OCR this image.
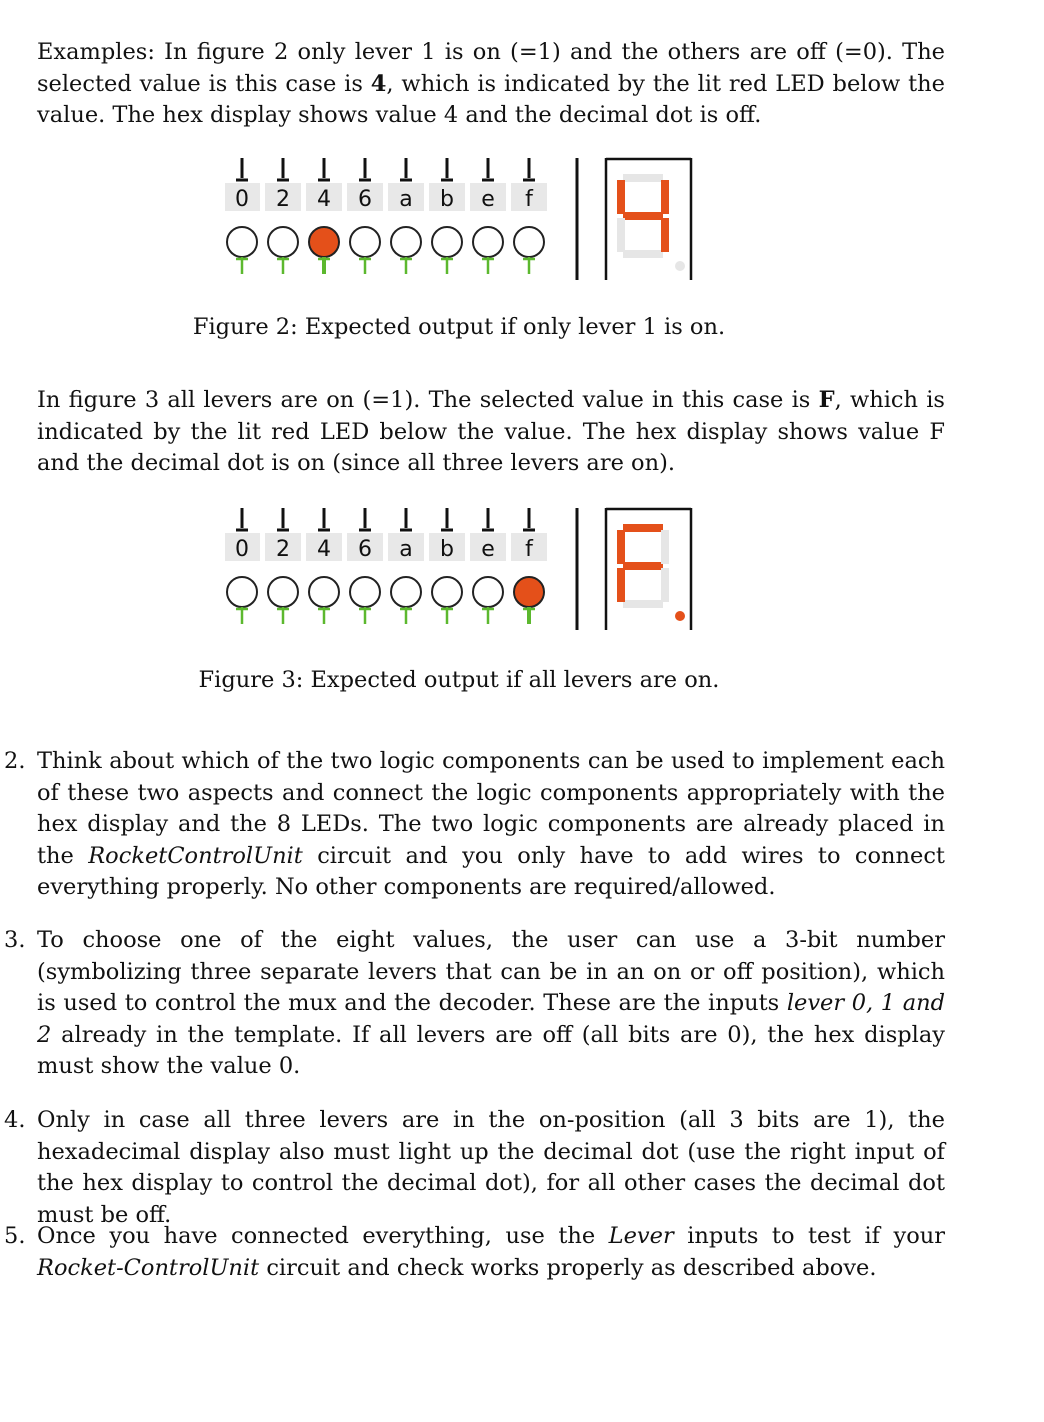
Examples: In figure 2 only lever 1 is on (=1) and the others are off (=0). The selected value is this case is 4, which is indicated by the lit red LED below the value. The hex display shows value 4 and the decimal dot is off.
0 2 4 6 a b e f
Figure 2: Expected output if only lever 1 is on.
In figure 3 all levers are on (=1). The selected value in this case is F, which is indicated by the lit red LED below the value. The hex display shows value F and the decimal dot is on (since all three levers are on).
0 2 4 6 a b e f
Figure 3: Expected output if all levers are on.
2. Think about which of the two logic components can be used to implement each of these two aspects and connect the logic components appropriately with the hex display and the 8 LEDs. The two logic components are already placed in the RocketControlUnit circuit and you only have to add wires to connect everything properly. No other components are required/allowed.
3. To choose one of the eight values, the user can use a 3-bit number (symbolizing three separate levers that can be in an on or off position), which is used to control the mux and the decoder. These are the inputs lever 0, 1 and 2 already in the template. If all levers are off (all bits are 0), the hex display must show the value 0.
4. Only in case all three levers are in the on-position (all 3 bits are 1), the hexadecimal display also must light up the decimal dot (use the right input of the hex display to control the decimal dot), for all other cases the decimal dot must be off.
5. Once you have connected everything, use the Lever inputs to test if your Rocket-ControlUnit circuit and check works properly as described above.
